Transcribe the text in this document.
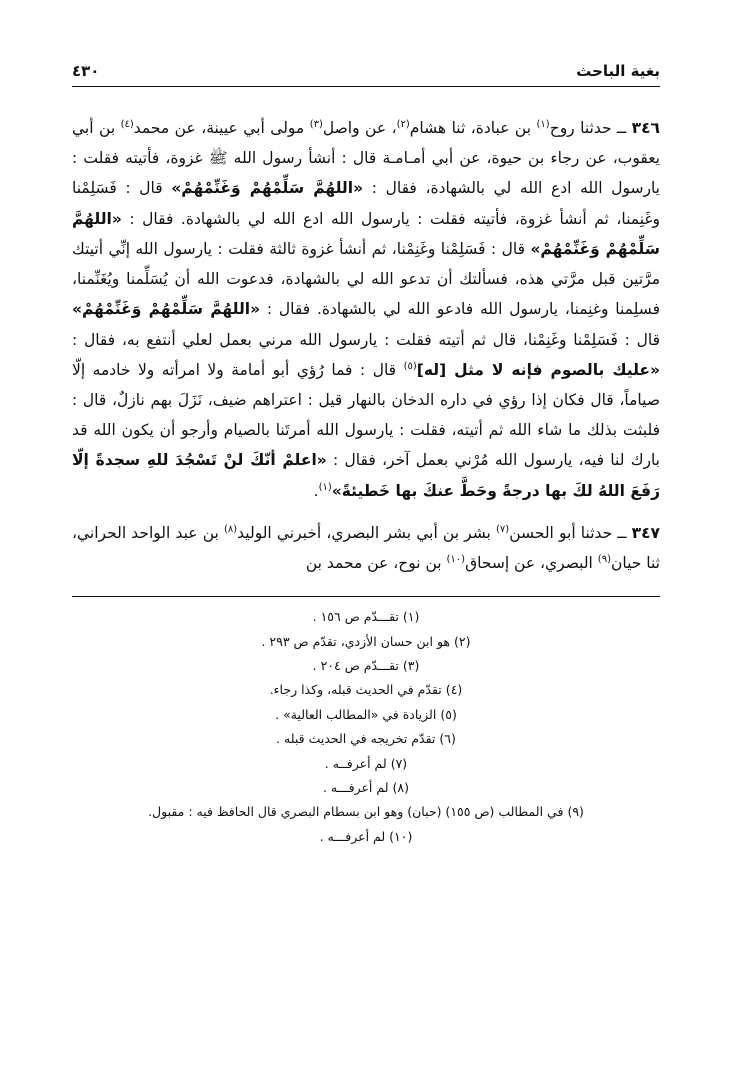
بغية الباحث
٤٣٠

٣٤٦ ــ حدثنا روح$^{(١)}$ بن عبادة، ثنا هشام$^{(٢)}$، عن واصل$^{(٣)}$ مولى أبي عيينة، عن محمد$^{(٤)}$ بن أبي يعقوب، عن رجاء بن حيوة، عن أبي أمـامـة قال : أنشأ رسول الله ﷺ غزوة، فأتيته فقلت : يارسول الله ادع الله لي بالشهادة، فقال : «اللهُمَّ سَلِّمْهُمْ وَغَنِّمْهُمْ» قال : فَسَلِمْنا وغَنِمنا، ثم أنشأ غزوة، فأتيته فقلت : يارسول الله ادع الله لي بالشهادة. فقال : «اللهُمَّ سَلِّمْهُمْ وَغَنِّمْهُمْ» قال : فَسَلِمْنا وغَنِمْنا، ثم أنشأ غزوة ثالثة فقلت : يارسول الله إنِّي أتيتك مرَّتين قبل مرَّتي هذه، فسألتك أن تدعو الله لي بالشهادة، فدعوت الله أن يُسَلِّمنا ويُغَنِّمنا، فسلِمنا وغنِمنا، يارسول الله فادعو الله لي بالشهادة. فقال : «اللهُمَّ سَلِّمْهُمْ وَغَنِّمْهُمْ» قال : فَسَلِمْنا وغَنِمْنا، قال ثم أتيته فقلت : يارسول الله مرني بعمل لعلي أنتفع به، فقال : «عليك بالصوم فإنه لا مثل [له]$^{(٥)}$ قال : فما رُؤي أبو أمامة ولا امرأته ولا خادمه إلّا صياماً، قال فكان إذا رؤي في داره الدخان بالنهار قيل : اعتراهم ضيف، نَزَلَ بهم نازلٌ، قال : فلبثت بذلك ما شاء الله ثم أتيته، فقلت : يارسول الله أمرتَنا بالصيام وأرجو أن يكون الله قد بارك لنا فيه، يارسول الله مُرْني بعمل آخر، فقال : «اعلمْ أنّكَ لنْ تَسْجُدَ للهِ سجدةً إلّا رَفَعَ اللهُ لكَ بها درجةً وحَطَّ عنكَ بها خَطيئةً»$^{(١)}$.

٣٤٧ ــ حدثنا أبو الحسن$^{(٧)}$ بشر بن أبي بشر البصري، أخبرني الوليد$^{(٨)}$ بن عبد الواحد الحراني، ثنا حيان$^{(٩)}$ البصري، عن إسحاق$^{(١٠)}$ بن نوح، عن محمد بن

(١)تقـــدّم ص ١٥٦ .

(٢)هو ابن حسان الأزدي، تقدّم ص ٢٩٣ .

(٣)تقـــدّم ص ٢٠٤ .

(٤)تقدّم في الحديث قبله، وكذا رجاء.

(٥)الزيادة في «المطالب العالية» .

(٦)تقدّم تخريجه في الحديث قبله .

(٧)لم أعرفــه .

(٨)لم أعرفـــه .

(٩)في المطالب (ص ١٥٥) (حبان) وهو ابن بسطام البصري قال الحافظ فيه : مقبول.

(١٠)لم أعرفـــه .
